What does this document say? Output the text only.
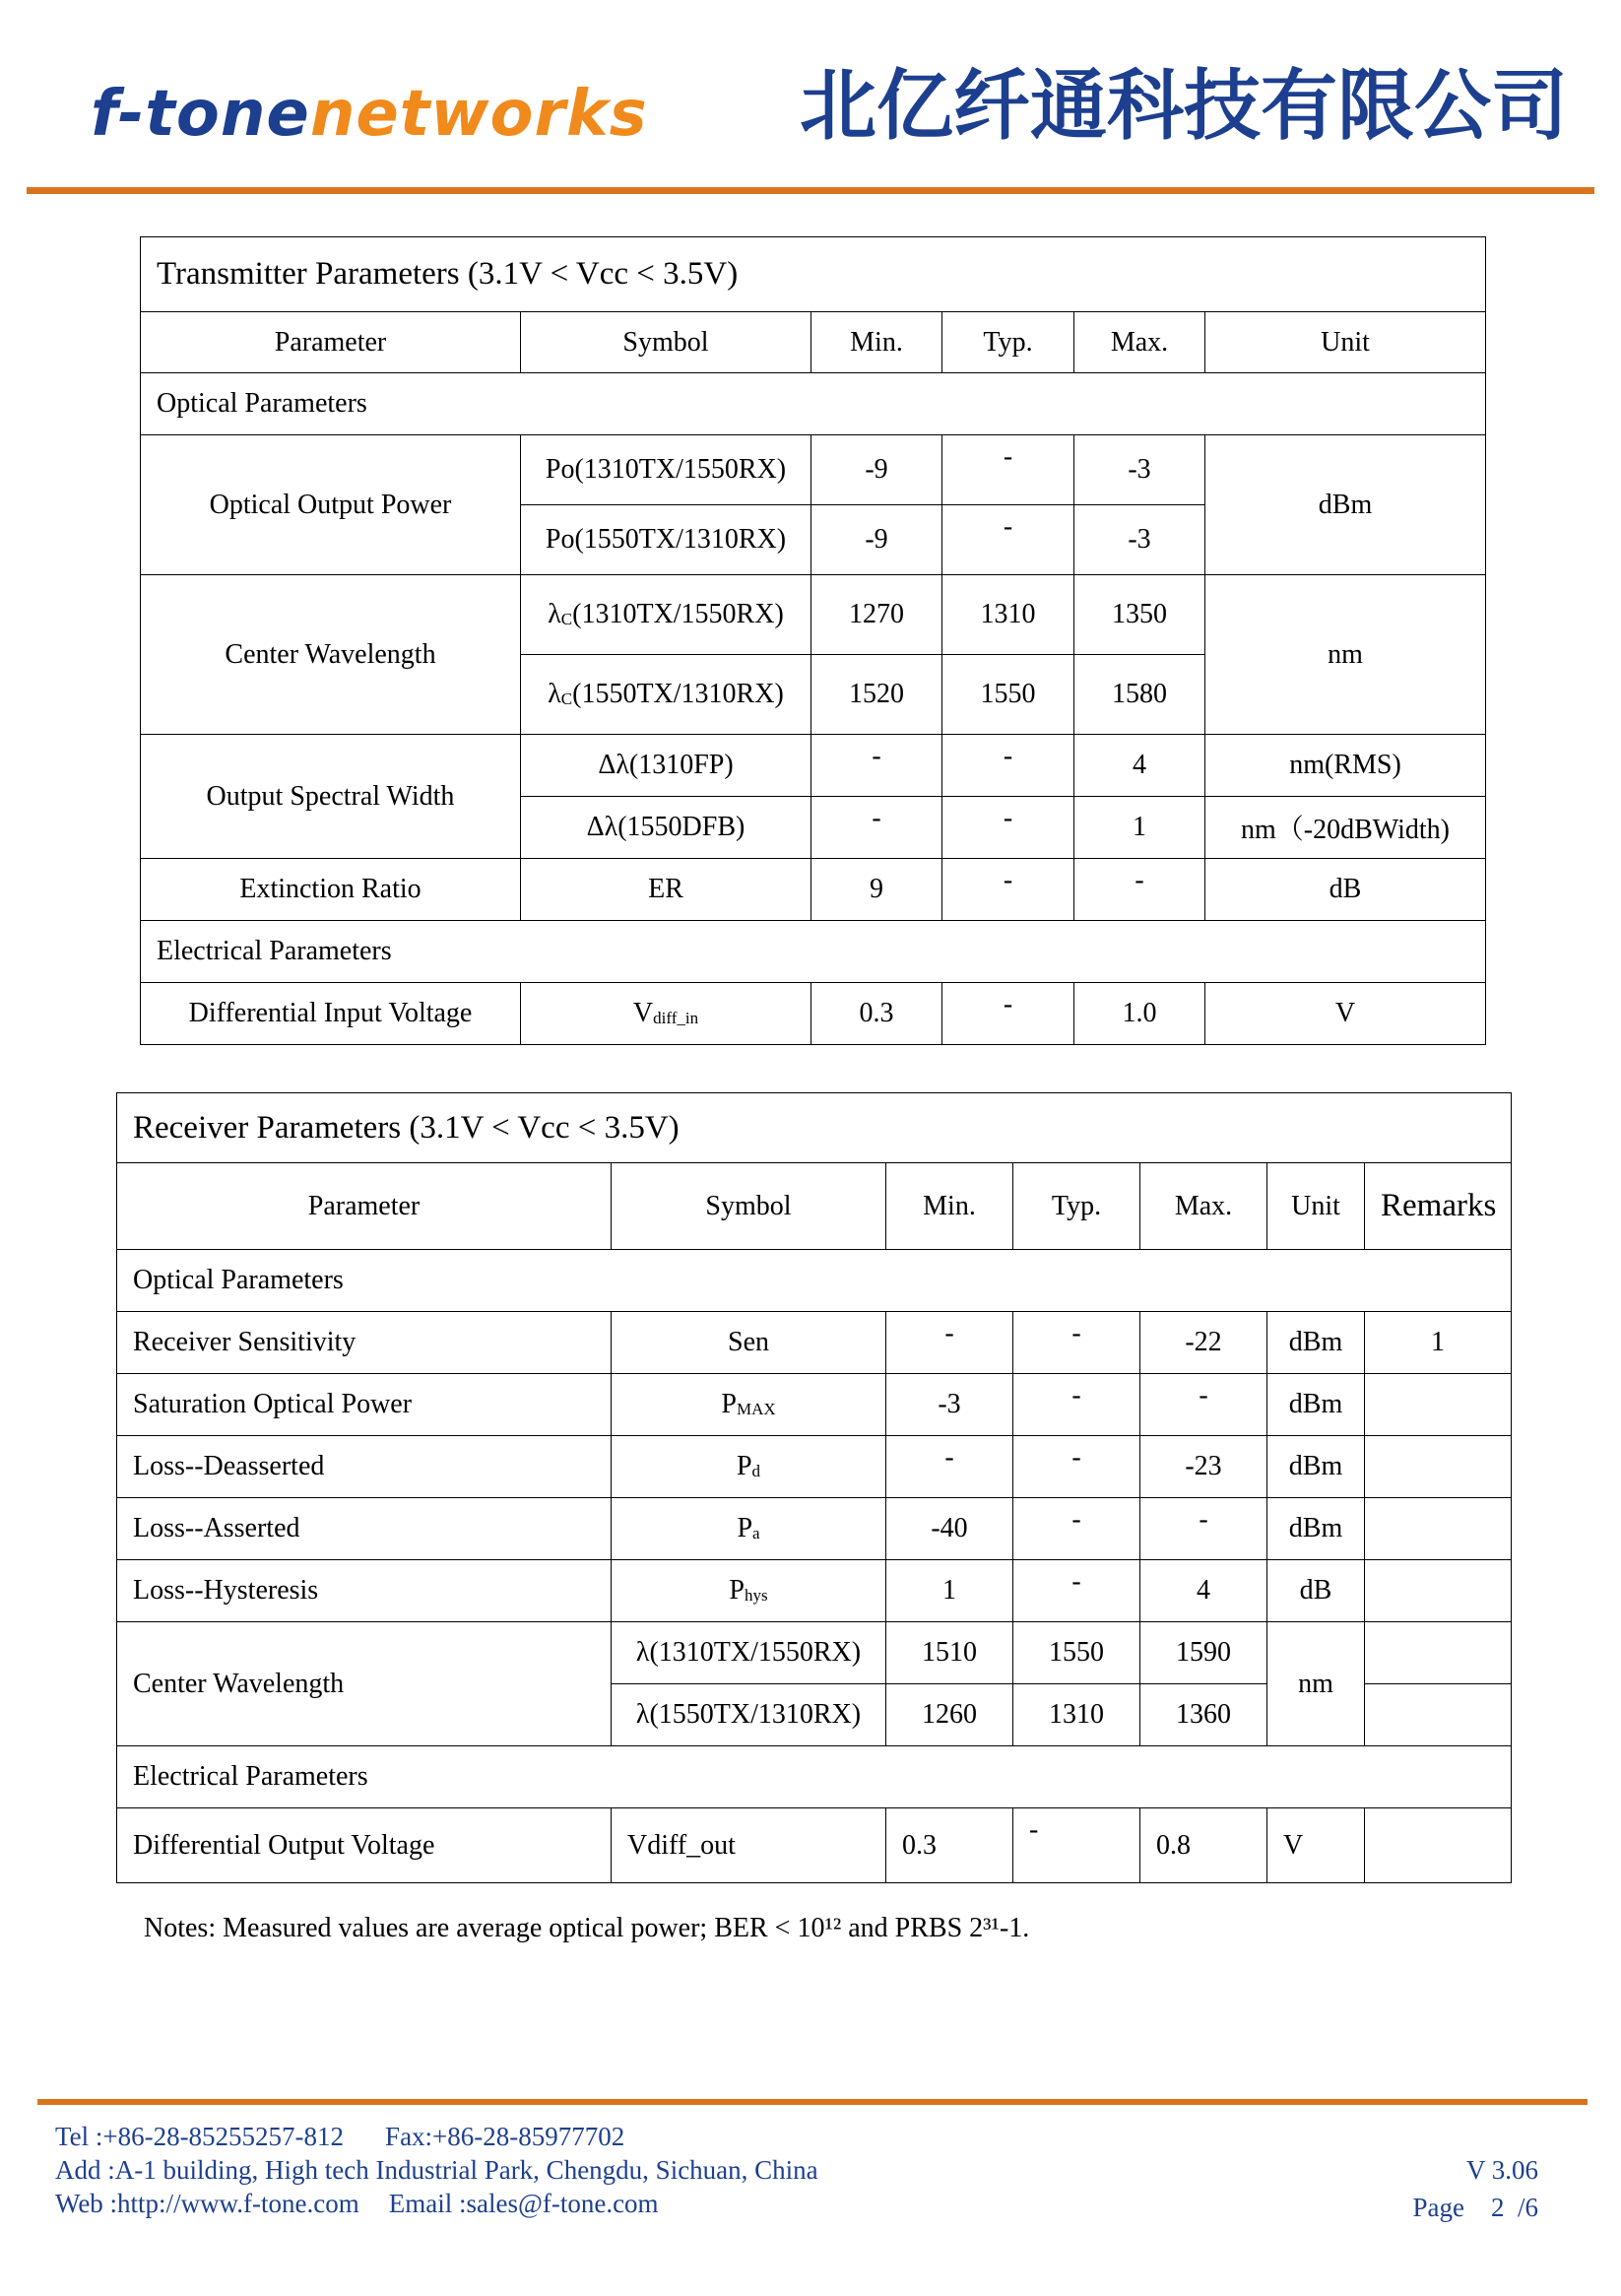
f-tonenetworks 北亿纤通科技有限公司
Transmitter Parameters (3.1V < Vcc < 3.5V)					
Parameter	Symbol	Min.	Typ.	Max.	Unit
Optical Parameters					
Optical Output Power	Po(1310TX/1550RX)	-9	-	-3	dBm
	Po(1550TX/1310RX)	-9	-	-3	
Center Wavelength	$\lambda_C(1310TX/1550RX)$	1270	1310	1350	nm
	$\lambda_C(1550TX/1310RX)$	1520	1550	1580	
Output Spectral Width	Δλ(1310FP)	-	-	4	nm(RMS)
	Δλ(1550DFB)	-	-	1	nm（-20dBWidth)
Extinction Ratio	ER	9	-	-	dB
Electrical Parameters					
Differential Input Voltage	$V_{diff\_in}$	0.3	-	1.0	V
Receiver Parameters (3.1V < Vcc < 3.5V)						
Parameter	Symbol	Min.	Typ.	Max.	Unit	Remarks
Optical Parameters						
Receiver Sensitivity	Sen	-	-	-22	dBm	1
Saturation Optical Power	$P_{MAX}$	-3	-	-	dBm	
Loss--Deasserted	$P_d$	-	-	-23	dBm	
Loss--Asserted	$P_a$	-40	-	-	dBm	
Loss--Hysteresis	$P_{hys}$	1	-	4	dB	
Center Wavelength	λ(1310TX/1550RX)	1510	1550	1590	nm	
	λ(1550TX/1310RX)	1260	1310	1360		
Electrical Parameters						
Differential Output Voltage	Vdiff_out	0.3	-	0.8	V	
Notes: Measured values are average optical power; BER < 10¹² and PRBS 2³¹-1.
Tel :+86-28-85255257-812 Fax:+86-28-85977702
Add :A-1 building, High tech Industrial Park, Chengdu, Sichuan, China
Web :http://www.f-tone.com Email :sales@f-tone.com
V 3.06
Page    2  /6
